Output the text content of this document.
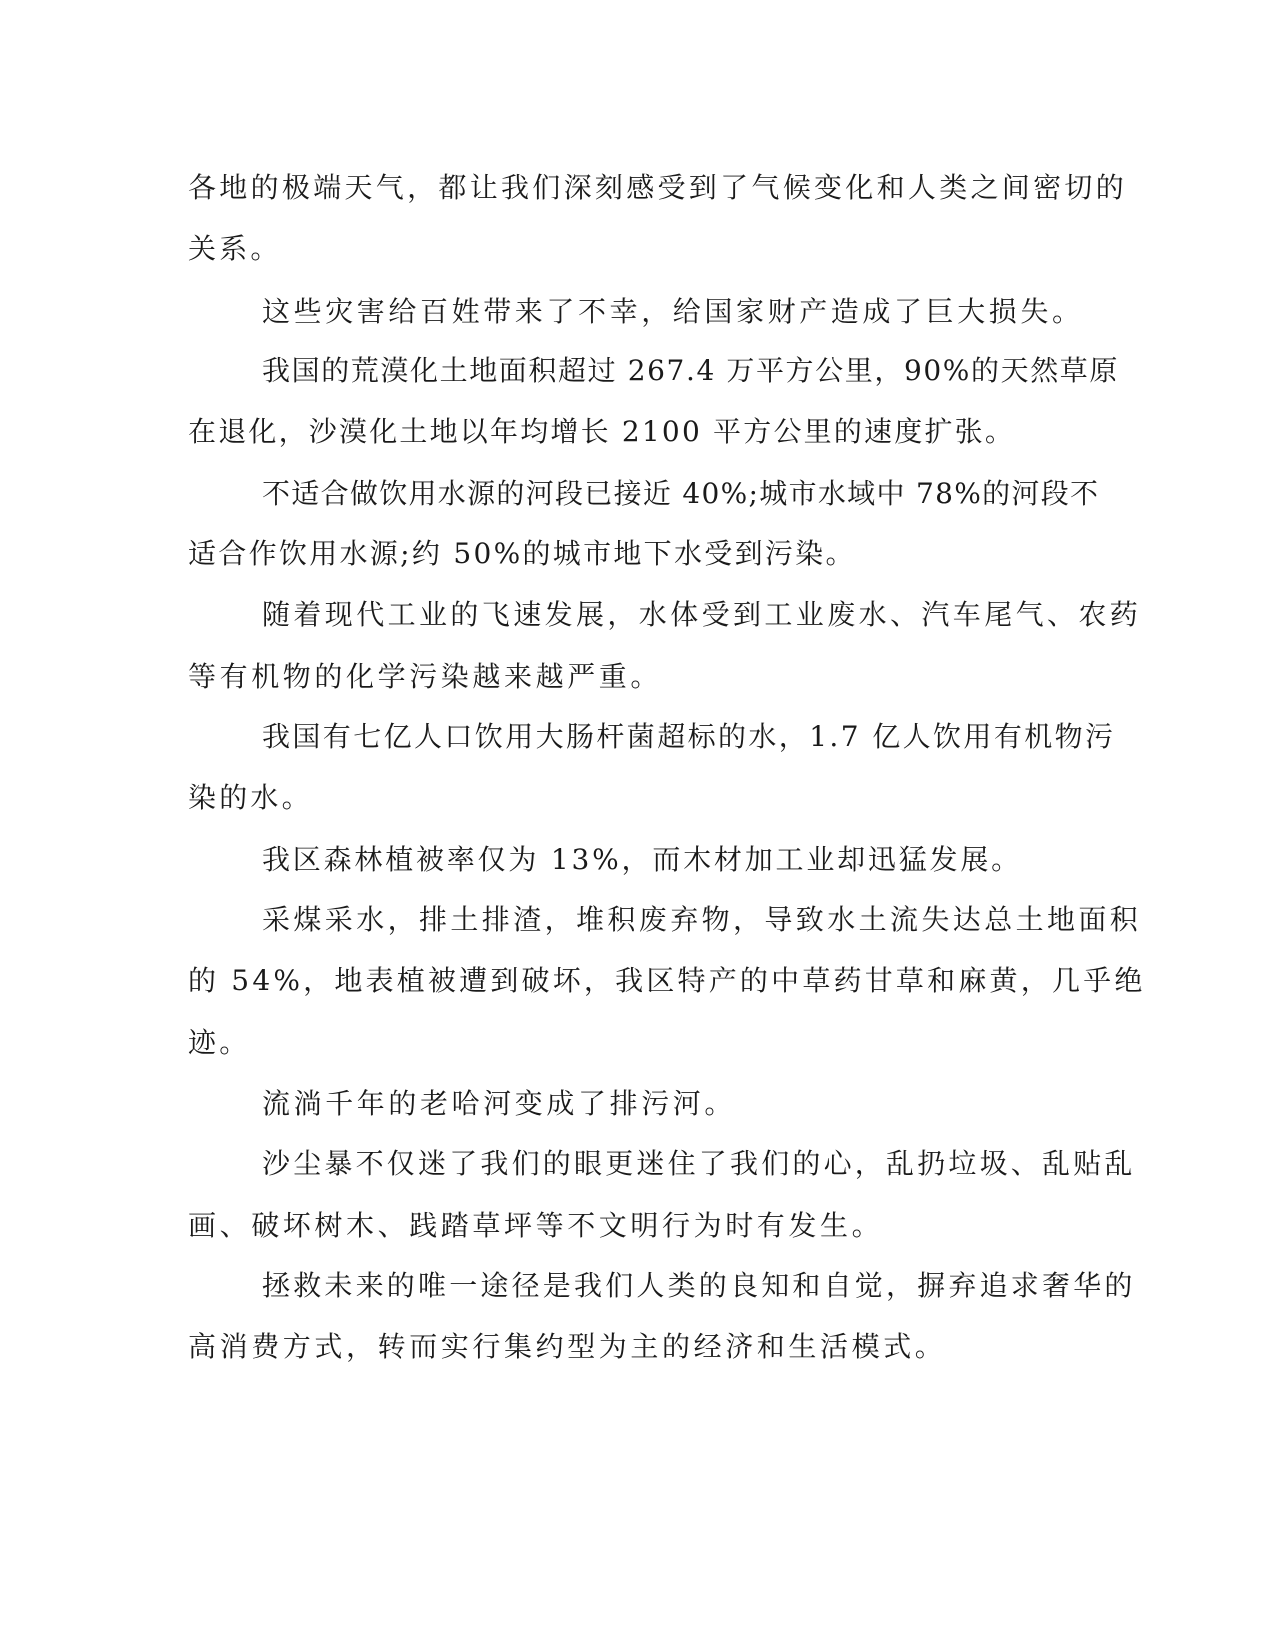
各地的极端天气，都让我们深刻感受到了气候变化和人类之间密切的
关系。
这些灾害给百姓带来了不幸，给国家财产造成了巨大损失。
我国的荒漠化土地面积超过 267.4 万平方公里，90%的天然草原
在退化，沙漠化土地以年均增长 2100 平方公里的速度扩张。
不适合做饮用水源的河段已接近 40%;城市水域中 78%的河段不
适合作饮用水源;约 50%的城市地下水受到污染。
随着现代工业的飞速发展，水体受到工业废水、汽车尾气、农药
等有机物的化学污染越来越严重。
我国有七亿人口饮用大肠杆菌超标的水，1.7 亿人饮用有机物污
染的水。
我区森林植被率仅为 13%，而木材加工业却迅猛发展。
采煤采水，排土排渣，堆积废弃物，导致水土流失达总土地面积
的 54%，地表植被遭到破坏，我区特产的中草药甘草和麻黄，几乎绝
迹。
流淌千年的老哈河变成了排污河。
沙尘暴不仅迷了我们的眼更迷住了我们的心，乱扔垃圾、乱贴乱
画、破坏树木、践踏草坪等不文明行为时有发生。
拯救未来的唯一途径是我们人类的良知和自觉，摒弃追求奢华的
高消费方式，转而实行集约型为主的经济和生活模式。
